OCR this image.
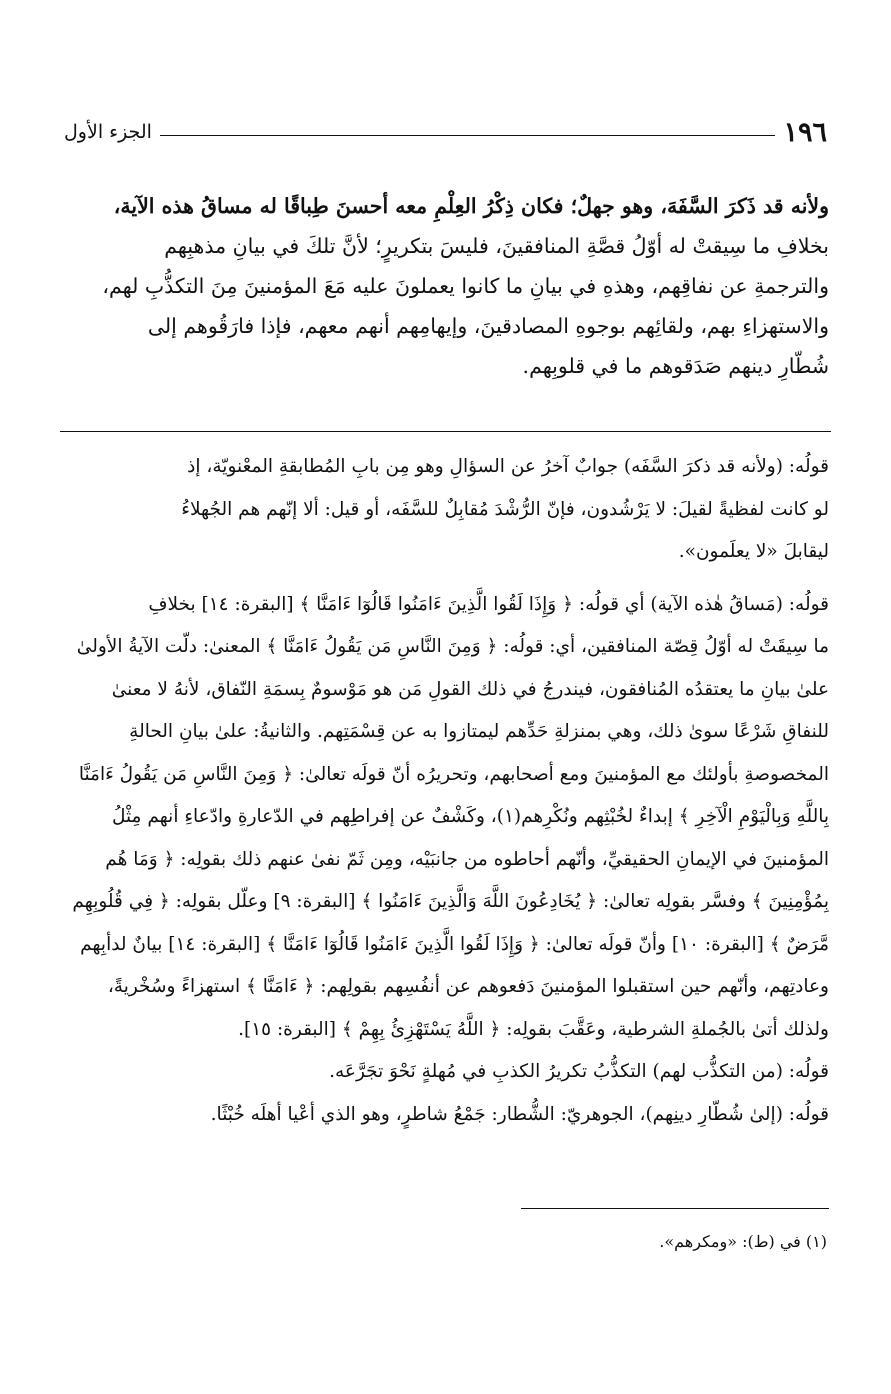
١٩٦
الجزء الأول
ولأنه قد ذَكرَ السَّفَهَ، وهو جهلٌ؛ فكان ذِكْرُ العِلْمِ معه أحسنَ طِباقًا له مساقُ هذه الآية،
بخلافِ ما سِيقتْ له أوّلُ قصَّةِ المنافقينَ، فليسَ بتكريرٍ؛ لأنَّ تلكَ في بيانِ مذهبِهم
والترجمةِ عن نفاقِهم، وهذهِ في بيانِ ما كانوا يعملونَ عليه مَعَ المؤمنينَ مِنَ التكذُّبِ لهم،
والاستهزاءِ بهم، ولقائِهم بوجوهِ المصادقينَ، وإيهامِهم أنهم معهم، فإذا فارَقُوهم إلى
شُطّارِ دينهم صَدَقوهم ما في قلوبِهم.
قولُه: (ولأنه قد ذكرَ السَّفَه) جوابٌ آخرُ عن السؤالِ وهو مِن بابِ المُطابقةِ المعْنويّة، إذ
لو كانت لفظيةً لقيلَ: لا يَرْشُدون، فإنّ الرُّشْدَ مُقابِلٌ للسَّفَه، أو قيل: ألا إنّهم هم الجُهلاءُ
ليقابلَ «لا يعلَمون».
قولُه: (مَساقُ هٰذه الآية) أي قولُه: ﴿ وَإِذَا لَقُوا الَّذِينَ ءَامَنُوا قَالُوٓا ءَامَنَّا ﴾ [البقرة: ١٤] بخلافِ
ما سِيقَتْ له أوّلُ قِصّة المنافقين، أي: قولُه: ﴿ وَمِنَ النَّاسِ مَن يَقُولُ ءَامَنَّا ﴾ المعنىٰ: دلّت الآيةُ الأولىٰ
علىٰ بيانِ ما يعتقدُه المُنافقون، فيندرجُ في ذلك القولِ مَن هو مَوْسومٌ بِسمَةِ النّفاق، لأنهُ لا معنىٰ
للنفاقِ شَرْعًا سوىٰ ذلك، وهي بمنزلةِ حَدِّهم ليمتازوا به عن قِسْمَتِهم. والثانيةُ: علىٰ بيانِ الحالةِ
المخصوصةِ بأولئك مع المؤمنينَ ومع أصحابهم، وتحريرُه أنّ قولَه تعالىٰ: ﴿ وَمِنَ النَّاسِ مَن يَقُولُ ءَامَنَّا
بِاللَّهِ وَبِالْيَوْمِ الْآخِرِ ﴾ إبداءٌ لخُبْثِهم ونُكْرِهم(١)، وكَشْفٌ عن إفراطِهم في الدّعارةِ وادّعاءِ أنهم مِثْلُ
المؤمنينَ في الإيمانِ الحقيقيِّ، وأنّهم أحاطوه من جانبَيْه، ومِن ثَمّ نفىٰ عنهم ذلك بقولِه: ﴿ وَمَا هُم
بِمُؤْمِنِينَ ﴾ وفسَّر بقولِه تعالىٰ: ﴿ يُخَادِعُونَ اللَّهَ وَالَّذِينَ ءَامَنُوا ﴾ [البقرة: ٩] وعلّل بقولِه: ﴿ فِي قُلُوبِهِم
مَّرَضٌ ﴾ [البقرة: ١٠] وأنّ قولَه تعالىٰ: ﴿ وَإِذَا لَقُوا الَّذِينَ ءَامَنُوا قَالُوٓا ءَامَنَّا ﴾ [البقرة: ١٤] بيانٌ لدأبِهم
وعادتِهم، وأنّهم حين استقبلوا المؤمنينَ دَفعوهم عن أنفُسِهم بقولِهم: ﴿ ءَامَنَّا ﴾ استهزاءً وسُخْريةً،
ولذلك أتىٰ بالجُملةِ الشرطية، وعَقَّبَ بقولِه: ﴿ اللَّهُ يَسْتَهْزِئُ بِهِمْ ﴾ [البقرة: ١٥].
قولُه: (من التكذُّب لهم) التكذُّبُ تكريرُ الكذبِ في مُهلةٍ نَحْوَ تجَرَّعَه.
قولُه: (إلىٰ شُطّارِ دينِهم)، الجوهريّ: الشُّطار: جَمْعُ شاطرٍ، وهو الذي أعْيا أهلَه خُبْثًا.
(١) في (ط): «ومكرهم».
